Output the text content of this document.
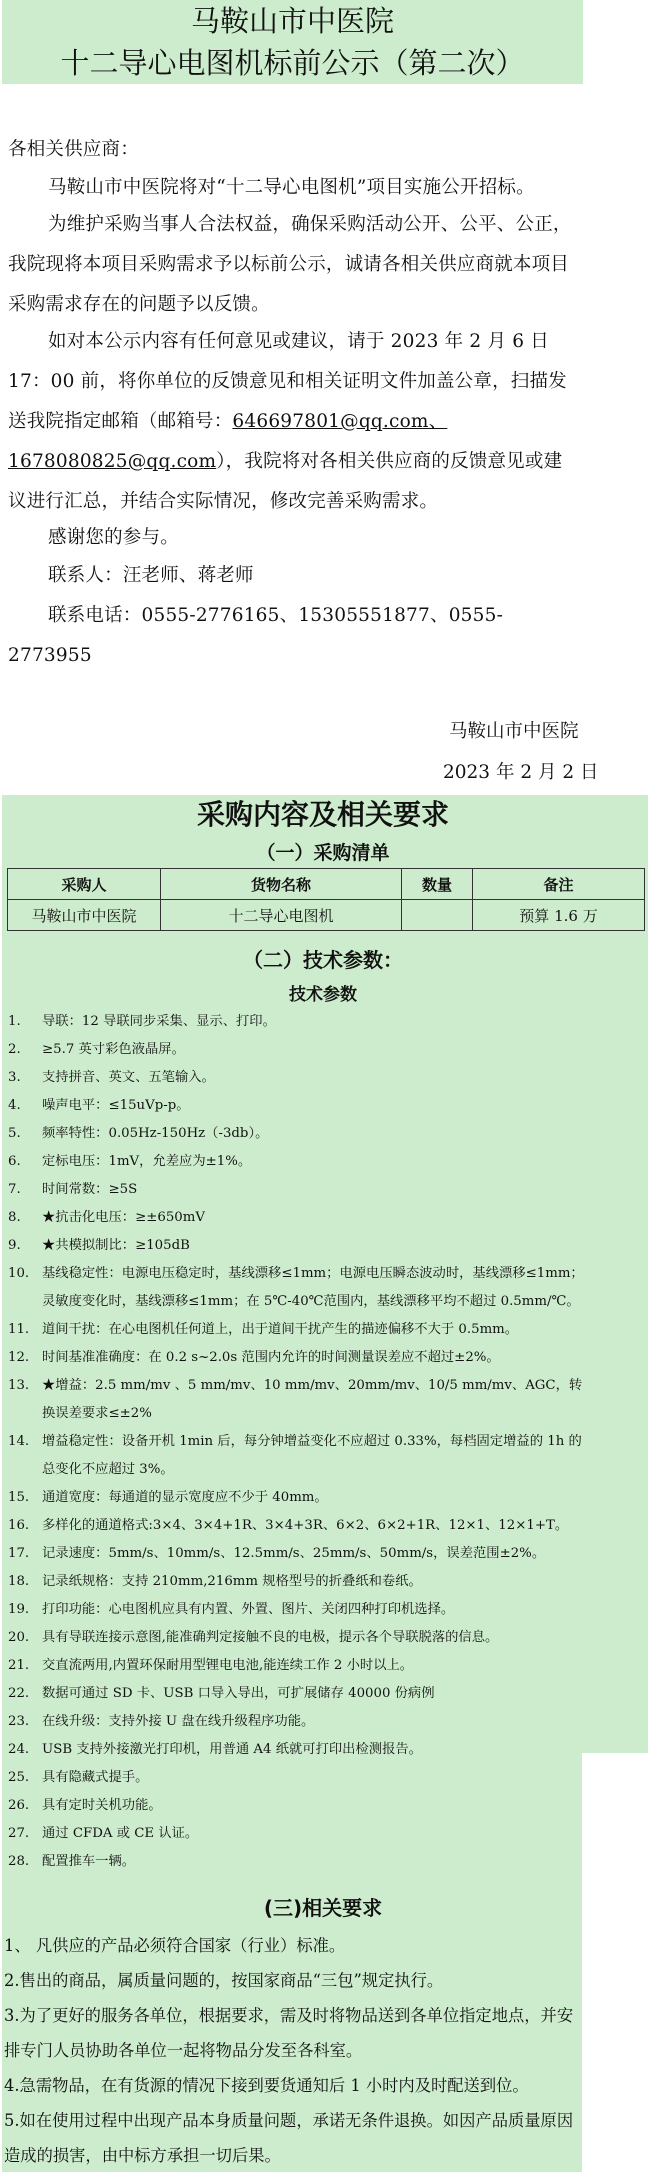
马鞍山市中医院
十二导心电图机标前公示（第二次）
各相关供应商：
马鞍山市中医院将对“十二导心电图机”项目实施公开招标。
为维护采购当事人合法权益，确保采购活动公开、公平、公正，我院现将本项目采购需求予以标前公示，诚请各相关供应商就本项目采购需求存在的问题予以反馈。
如对本公示内容有任何意见或建议，请于 2023 年 2 月 6 日 17：00 前，将你单位的反馈意见和相关证明文件加盖公章，扫描发送我院指定邮箱（邮箱号：646697801@qq.com、1678080825@qq.com），我院将对各相关供应商的反馈意见或建议进行汇总，并结合实际情况，修改完善采购需求。
感谢您的参与。
联系人：汪老师、蒋老师
联系电话：0555-2776165、15305551877、0555-2773955
马鞍山市中医院
2023 年 2 月 2 日
采购内容及相关要求
（一）采购清单
采购人	货物名称	数量	备注
马鞍山市中医院	十二导心电图机		预算 1.6 万
（二）技术参数：
技术参数
1. 导联：12 导联同步采集、显示、打印。
2. ≥5.7 英寸彩色液晶屏。
3. 支持拼音、英文、五笔输入。
4. 噪声电平：≤15uVp-p。
5. 频率特性：0.05Hz-150Hz（-3db）。
6. 定标电压：1mV，允差应为±1%。
7. 时间常数：≥5S
8. ★抗击化电压：≥±650mV
9. ★共模拟制比：≥105dB
10. 基线稳定性：电源电压稳定时，基线漂移≤1mm；电源电压瞬态波动时，基线漂移≤1mm；灵敏度变化时，基线漂移≤1mm；在 5℃-40℃范围内，基线漂移平均不超过 0.5mm/℃。
11. 道间干扰：在心电图机任何道上，出于道间干扰产生的描迹偏移不大于 0.5mm。
12. 时间基准准确度：在 0.2 s~2.0s 范围内允许的时间测量误差应不超过±2%。
13. ★增益：2.5 mm/mv 、5 mm/mv、10 mm/mv、20mm/mv、10/5 mm/mv、AGC，转换误差要求≤±2%
14. 增益稳定性：设备开机 1min 后，每分钟增益变化不应超过 0.33%，每档固定增益的 1h 的总变化不应超过 3%。
15. 通道宽度：每通道的显示宽度应不少于 40mm。
16. 多样化的通道格式:3×4、3×4+1R、3×4+3R、6×2、6×2+1R、12×1、12×1+T。
17. 记录速度：5mm/s、10mm/s、12.5mm/s、25mm/s、50mm/s，误差范围±2%。
18. 记录纸规格：支持 210mm,216mm 规格型号的折叠纸和卷纸。
19. 打印功能：心电图机应具有内置、外置、图片、关闭四种打印机选择。
20. 具有导联连接示意图,能准确判定接触不良的电极，提示各个导联脱落的信息。
21. 交直流两用,内置环保耐用型锂电电池,能连续工作 2 小时以上。
22. 数据可通过 SD 卡、USB 口导入导出，可扩展储存 40000 份病例
23. 在线升级：支持外接 U 盘在线升级程序功能。
24. USB 支持外接激光打印机，用普通 A4 纸就可打印出检测报告。
25. 具有隐藏式提手。
26. 具有定时关机功能。
27. 通过 CFDA 或 CE 认证。
28. 配置推车一辆。
(三)相关要求
1、 凡供应的产品必须符合国家（行业）标准。
2.售出的商品，属质量问题的，按国家商品“三包”规定执行。
3.为了更好的服务各单位，根据要求，需及时将物品送到各单位指定地点，并安排专门人员协助各单位一起将物品分发至各科室。
4.急需物品，在有货源的情况下接到要货通知后 1 小时内及时配送到位。
5.如在使用过程中出现产品本身质量问题，承诺无条件退换。如因产品质量原因造成的损害，由中标方承担一切后果。
